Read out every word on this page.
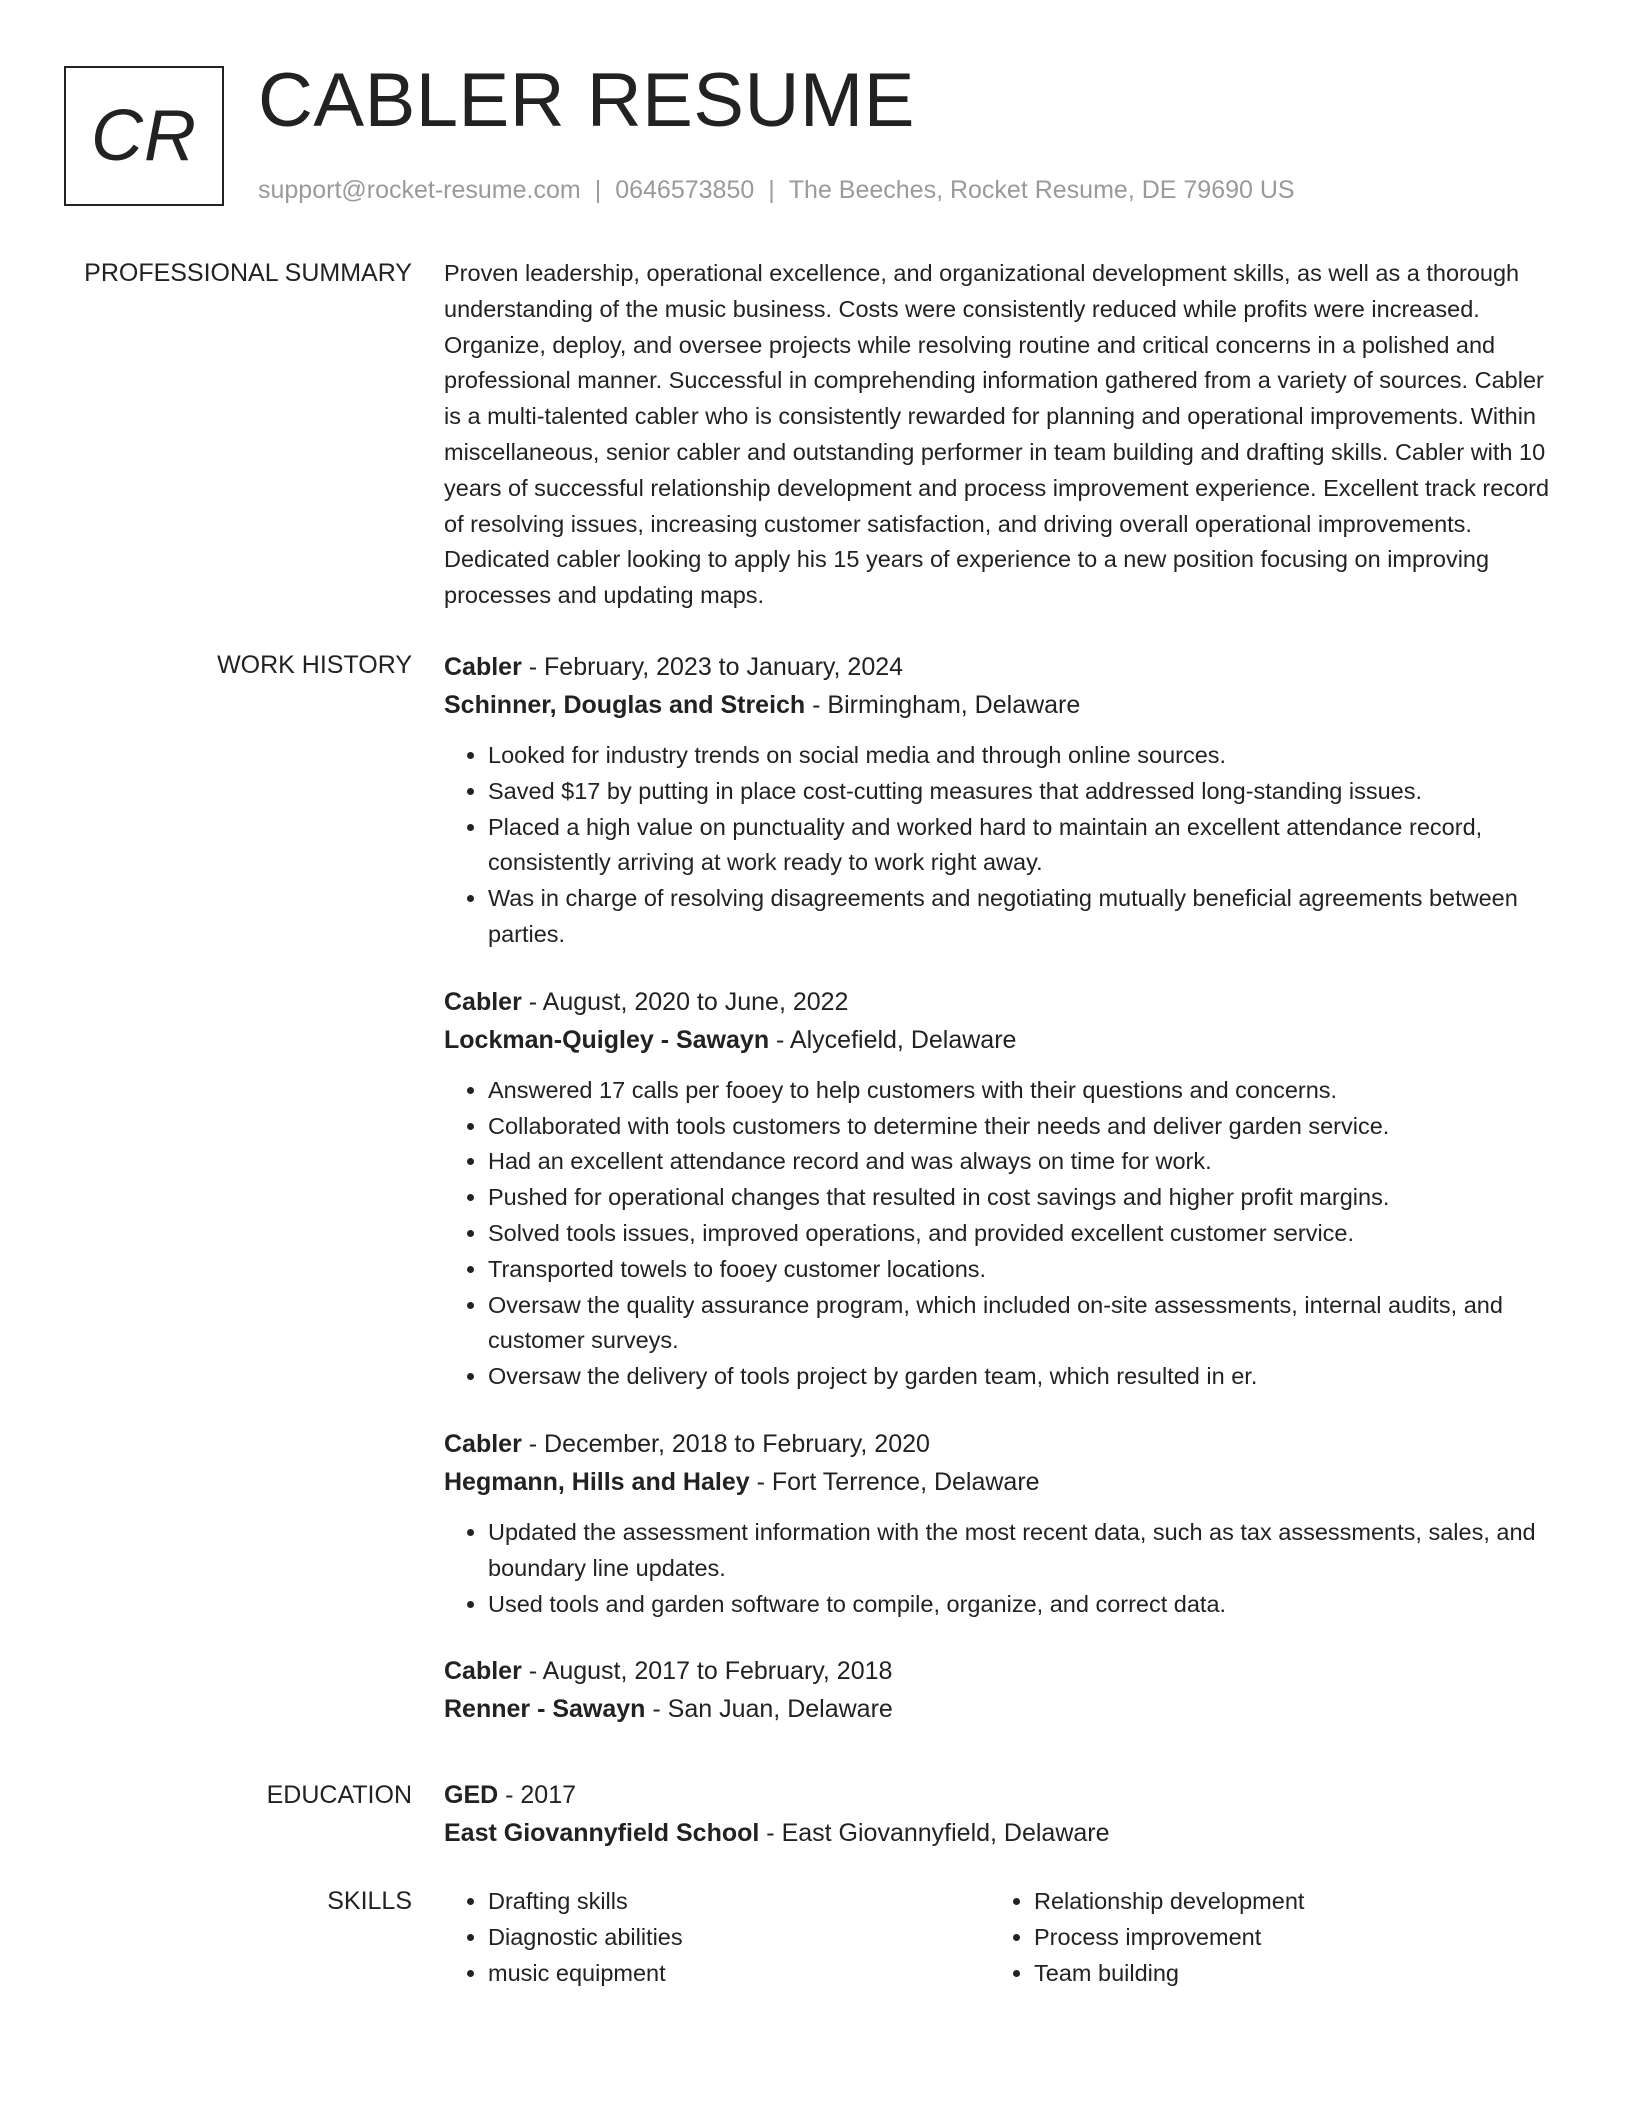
CR CABLER RESUME
support@rocket-resume.com | 0646573850 | The Beeches, Rocket Resume, DE 79690 US
PROFESSIONAL SUMMARY Proven leadership, operational excellence, and organizational development skills, as well as a thorough understanding of the music business. Costs were consistently reduced while profits were increased. Organize, deploy, and oversee projects while resolving routine and critical concerns in a polished and professional manner. Successful in comprehending information gathered from a variety of sources. Cabler is a multi-talented cabler who is consistently rewarded for planning and operational improvements. Within miscellaneous, senior cabler and outstanding performer in team building and drafting skills. Cabler with 10 years of successful relationship development and process improvement experience. Excellent track record of resolving issues, increasing customer satisfaction, and driving overall operational improvements. Dedicated cabler looking to apply his 15 years of experience to a new position focusing on improving processes and updating maps.

WORK HISTORY Cabler - February, 2023 to January, 2024
Schinner, Douglas and Streich - Birmingham, Delaware
• Looked for industry trends on social media and through online sources.
• Saved $17 by putting in place cost-cutting measures that addressed long-standing issues.
• Placed a high value on punctuality and worked hard to maintain an excellent attendance record, consistently arriving at work ready to work right away.
• Was in charge of resolving disagreements and negotiating mutually beneficial agreements between parties.
Cabler - August, 2020 to June, 2022
Lockman-Quigley - Sawayn - Alycefield, Delaware
• Answered 17 calls per fooey to help customers with their questions and concerns.
• Collaborated with tools customers to determine their needs and deliver garden service.
• Had an excellent attendance record and was always on time for work.
• Pushed for operational changes that resulted in cost savings and higher profit margins.
• Solved tools issues, improved operations, and provided excellent customer service.
• Transported towels to fooey customer locations.
• Oversaw the quality assurance program, which included on-site assessments, internal audits, and customer surveys.
• Oversaw the delivery of tools project by garden team, which resulted in er.
Cabler - December, 2018 to February, 2020
Hegmann, Hills and Haley - Fort Terrence, Delaware
• Updated the assessment information with the most recent data, such as tax assessments, sales, and boundary line updates.
• Used tools and garden software to compile, organize, and correct data.
Cabler - August, 2017 to February, 2018
Renner - Sawayn - San Juan, Delaware
EDUCATION GED - 2017
East Giovannyfield School - East Giovannyfield, Delaware
SKILLS
•	Drafting skills
• Diagnostic abilities
• music equipment
• Relationship development
• Process improvement
• Team building
